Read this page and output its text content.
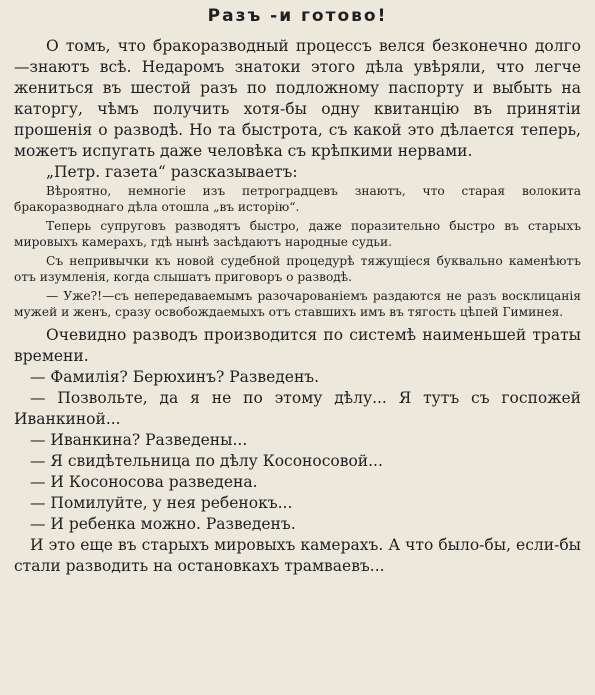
Разъ -и готово!

О томъ, что бракоразводный процессъ велся безконечно долго —знаютъ всѣ. Недаромъ знатоки этого дѣла увѣряли, что легче жениться въ шестой разъ по подложному паспорту и выбыть на каторгу, чѣмъ получить хотя-бы одну квитанцію въ принятіи прошенія о разводѣ. Но та быстрота, съ какой это дѣлается теперь, можетъ испугать даже человѣка съ крѣпкими нервами.

„Петр. газета“ разсказываетъ:

Вѣроятно, немногіе изъ петроградцевъ знаютъ, что старая волокита бракоразводнаго дѣла отошла „въ исторію“.

Теперь супруговъ разводятъ быстро, даже поразительно быстро въ старыхъ мировыхъ камерахъ, гдѣ нынѣ засѣдаютъ народные судьи.

Съ непривычки къ новой судебной процедурѣ тяжущіеся буквально каменѣютъ отъ изумленія, когда слышатъ приговоръ о разводѣ.

— Уже?!—съ непередаваемымъ разочарованіемъ раздаются не разъ восклицанія мужей и женъ, сразу освобождаемыхъ отъ ставшихъ имъ въ тягость цѣпей Гиминея.

Очевидно разводъ производится по системѣ наименьшей траты времени.

— Фамилія? Берюхинъ? Разведенъ.

— Позвольте, да я не по этому дѣлу... Я тутъ съ госпожей Иванкиной...

— Иванкина? Разведены...

— Я свидѣтельница по дѣлу Косоносовой...

— И Косоносова разведена.

— Помилуйте, у нея ребенокъ...

— И ребенка можно. Разведенъ.

И это еще въ старыхъ мировыхъ камерахъ. А что было-бы, если-бы стали разводить на остановкахъ трамваевъ...
